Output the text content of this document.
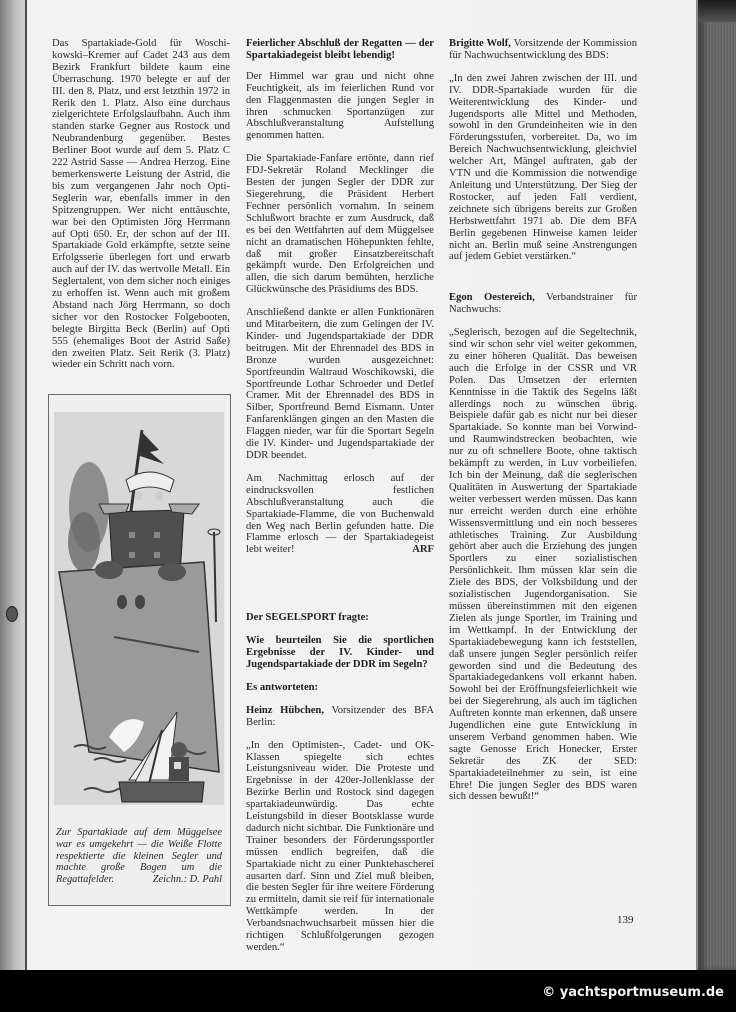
Das Spartakiade-Gold für Woschi-kowski–Kremer auf Cadet 243 aus dem Bezirk Frankfurt bildete kaum eine Überraschung. 1970 belegte er auf der III. den 8. Platz, und erst letzthin 1972 in Rerik den 1. Platz. Also eine durchaus zielgerichtete Erfolgslaufbahn. Auch ihm standen starke Gegner aus Rostock und Neubrandenburg gegenüber. Bestes Berliner Boot wurde auf dem 5. Platz C 222 Astrid Sasse — Andrea Herzog. Eine bemerkenswerte Leistung der Astrid, die bis zum vergangenen Jahr noch Opti-Seglerin war, ebenfalls immer in den Spitzengruppen. Wer nicht enttäuschte, war bei den Optimisten Jörg Herrmann auf Opti 650. Er, der schon auf der III. Spartakiade Gold erkämpfte, setzte seine Erfolgsserie überlegen fort und erwarb auch auf der IV. das wertvolle Metall. Ein Seglertalent, von dem sicher noch einiges zu erhoffen ist. Wenn auch mit großem Abstand nach Jörg Herrmann, so doch sicher vor den Rostocker Folgebooten, belegte Birgitta Beck (Berlin) auf Opti 555 (ehemaliges Boot der Astrid Saße) den zweiten Platz. Seit Rerik (3. Platz) wieder ein Schritt nach vorn.

Zur Spartakiade auf dem Müggelsee war es umgekehrt — die Weiße Flotte respektierte die kleinen Segler und machte große Bogen um die Regattafelder.	Zeichn.: D. Pahl

Feierlicher Abschluß der Regatten — der Spartakiadegeist bleibt lebendig!

Der Himmel war grau und nicht ohne Feuchtigkeit, als im feierlichen Rund vor den Flaggenmasten die jungen Segler in ihren schmucken Sportanzügen zur Abschlußveranstaltung Aufstellung genommen hatten.

Die Spartakiade-Fanfare ertönte, dann rief FDJ-Sekretär Roland Mecklinger die Besten der jungen Segler der DDR zur Siegerehrung, die Präsident Herbert Fechner persönlich vornahm. In seinem Schlußwort brachte er zum Ausdruck, daß es bei den Wettfahrten auf dem Müggelsee nicht an dramatischen Höhepunkten fehlte, daß mit großer Einsatzbereitschaft gekämpft wurde. Den Erfolgreichen und allen, die sich darum bemühten, herzliche Glückwünsche des Präsidiums des BDS.

Anschließend dankte er allen Funktionären und Mitarbeitern, die zum Gelingen der IV. Kinder- und Jugendspartakiade der DDR beitrugen. Mit der Ehrennadel des BDS in Bronze wurden ausgezeichnet: Sportfreundin Waltraud Woschikowski, die Sportfreunde Lothar Schroeder und Detlef Cramer. Mit der Ehrennadel des BDS in Silber, Sportfreund Bernd Eismann. Unter Fanfarenklängen gingen an den Masten die Flaggen nieder, war für die Sportart Segeln die IV. Kinder- und Jugendspartakiade der DDR beendet.

Am Nachmittag erlosch auf der eindrucksvollen festlichen Abschlußveranstaltung auch die Spartakiade-Flamme, die von Buchenwald den Weg nach Berlin gefunden hatte. Die Flamme erlosch — der Spartakiadegeist lebt weiter!	ARF

Der SEGELSPORT fragte:

Wie beurteilen Sie die sportlichen Ergebnisse der IV. Kinder- und Jugendspartakiade der DDR im Segeln?

Es antworteten:

Heinz Hübchen, Vorsitzender des BFA Berlin:

„In den Optimisten-, Cadet- und OK-Klassen spiegelte sich echtes Leistungsniveau wider. Die Proteste und Ergebnisse in der 420er-Jollenklasse der Bezirke Berlin und Rostock sind dagegen spartakiadeunwürdig. Das echte Leistungsbild in dieser Bootsklasse wurde dadurch nicht sichtbar. Die Funktionäre und Trainer besonders der Förderungssportler müssen endlich begreifen, daß die Spartakiade nicht zu einer Punktehascherei ausarten darf. Sinn und Ziel muß bleiben, die besten Segler für ihre weitere Förderung zu ermitteln, damit sie reif für internationale Wettkämpfe werden. In der Verbandsnachwuchsarbeit müssen hier die richtigen Schlußfolgerungen gezogen werden.“

Brigitte Wolf, Vorsitzende der Kommission für Nachwuchsentwicklung des BDS:

„In den zwei Jahren zwischen der III. und IV. DDR-Spartakiade wurden für die Weiterentwicklung des Kinder- und Jugendsports alle Mittel und Methoden, sowohl in den Grundeinheiten wie in den Förderungsstufen, vorbereitet. Da, wo im Bereich Nachwuchsentwicklung, gleichviel welcher Art, Mängel auftraten, gab der VTN und die Kommission die notwendige Anleitung und Unterstützung. Der Sieg der Rostocker, auf jeden Fall verdient, zeichnete sich übrigens bereits zur Großen Herbstwettfahrt 1971 ab. Die dem BFA Berlin gegebenen Hinweise kamen leider nicht an. Berlin muß seine Anstrengungen auf jedem Gebiet verstärken.“

Egon Oestereich, Verbandstrainer für Nachwuchs:

„Seglerisch, bezogen auf die Segeltechnik, sind wir schon sehr viel weiter gekommen, zu einer höheren Qualität. Das beweisen auch die Erfolge in der CSSR und VR Polen. Das Umsetzen der erlernten Kenntnisse in die Taktik des Segelns läßt allerdings noch zu wünschen übrig. Beispiele dafür gab es nicht nur bei dieser Spartakiade. So konnte man bei Vorwind- und Raumwindstrecken beobachten, wie nur zu oft schnellere Boote, ohne taktisch bekämpft zu werden, in Luv vorbeiliefen. Ich bin der Meinung, daß die seglerischen Qualitäten in Auswertung der Spartakiade weiter verbessert werden müssen. Das kann nur erreicht werden durch eine erhöhte Wissensvermittlung und ein noch besseres athletisches Training. Zur Ausbildung gehört aber auch die Erziehung des jungen Sportlers zu einer sozialistischen Persönlichkeit. Ihm müssen klar sein die Ziele des BDS, der Volksbildung und der sozialistischen Jugendorganisation. Sie müssen übereinstimmen mit den eigenen Zielen als junge Sportler, im Training und im Wettkampf. In der Entwicklung der Spartakiadebewegung kann ich feststellen, daß unsere jungen Segler persönlich reifer geworden sind und die Bedeutung des Spartakiadegedankens voll erkannt haben. Sowohl bei der Eröffnungsfeierlichkeit wie bei der Siegerehrung, als auch im täglichen Auftreten konnte man erkennen, daß unsere Jugendlichen eine gute Entwicklung in unserem Verband genommen haben. Wie sagte Genosse Erich Honecker, Erster Sekretär des ZK der SED: Spartakiadeteilnehmer zu sein, ist eine Ehre! Die jungen Segler des BDS waren sich dessen bewußt!“

139
© yachtsportmuseum.de
